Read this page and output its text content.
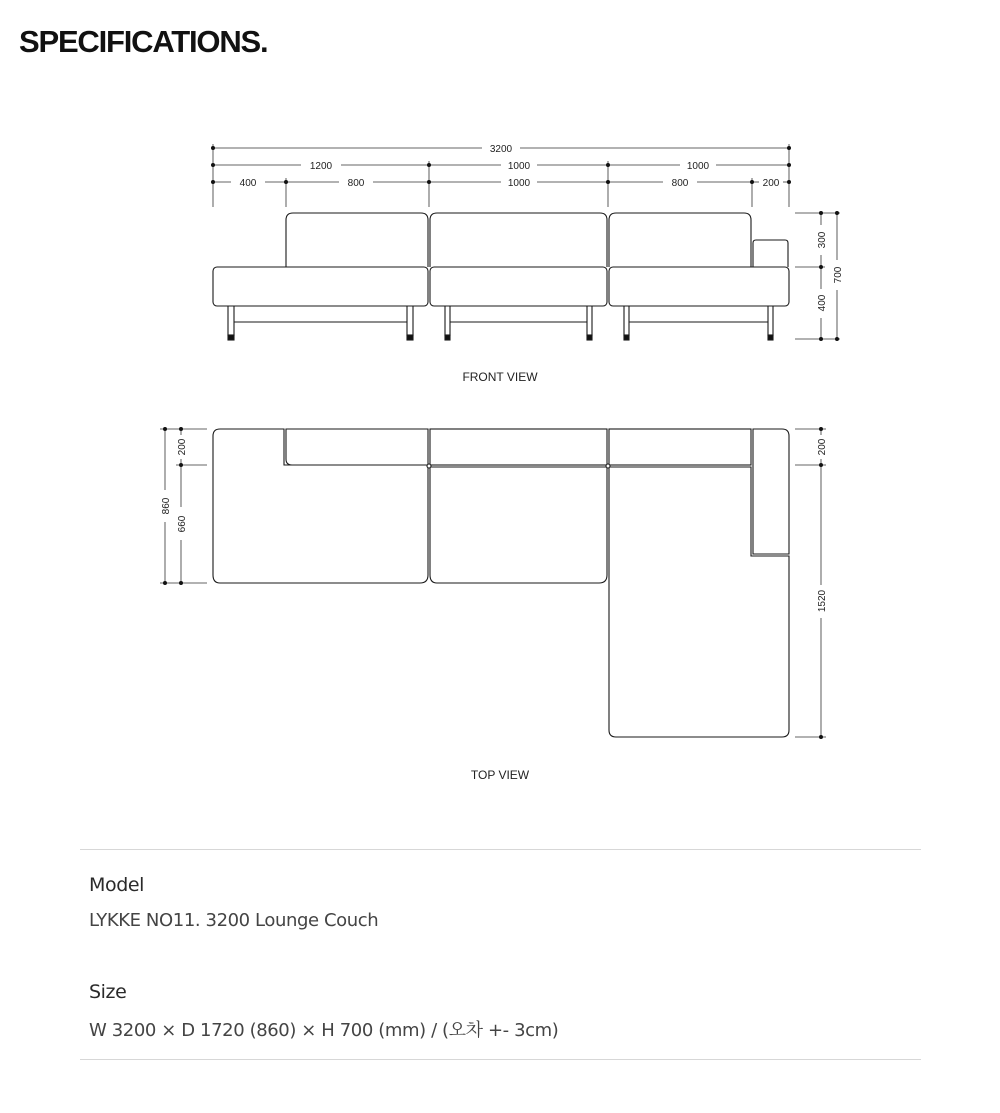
SPECIFICATIONS.
3200
1200	1000	1000
400	800	1000	800	200
300
400
700
FRONT VIEW
200
660
860
200
1520
TOP VIEW
Model
LYKKE NO11. 3200 Lounge Couch
Size
W 3200 × D 1720 (860) × H 700 (mm) / (오차 +- 3cm)
